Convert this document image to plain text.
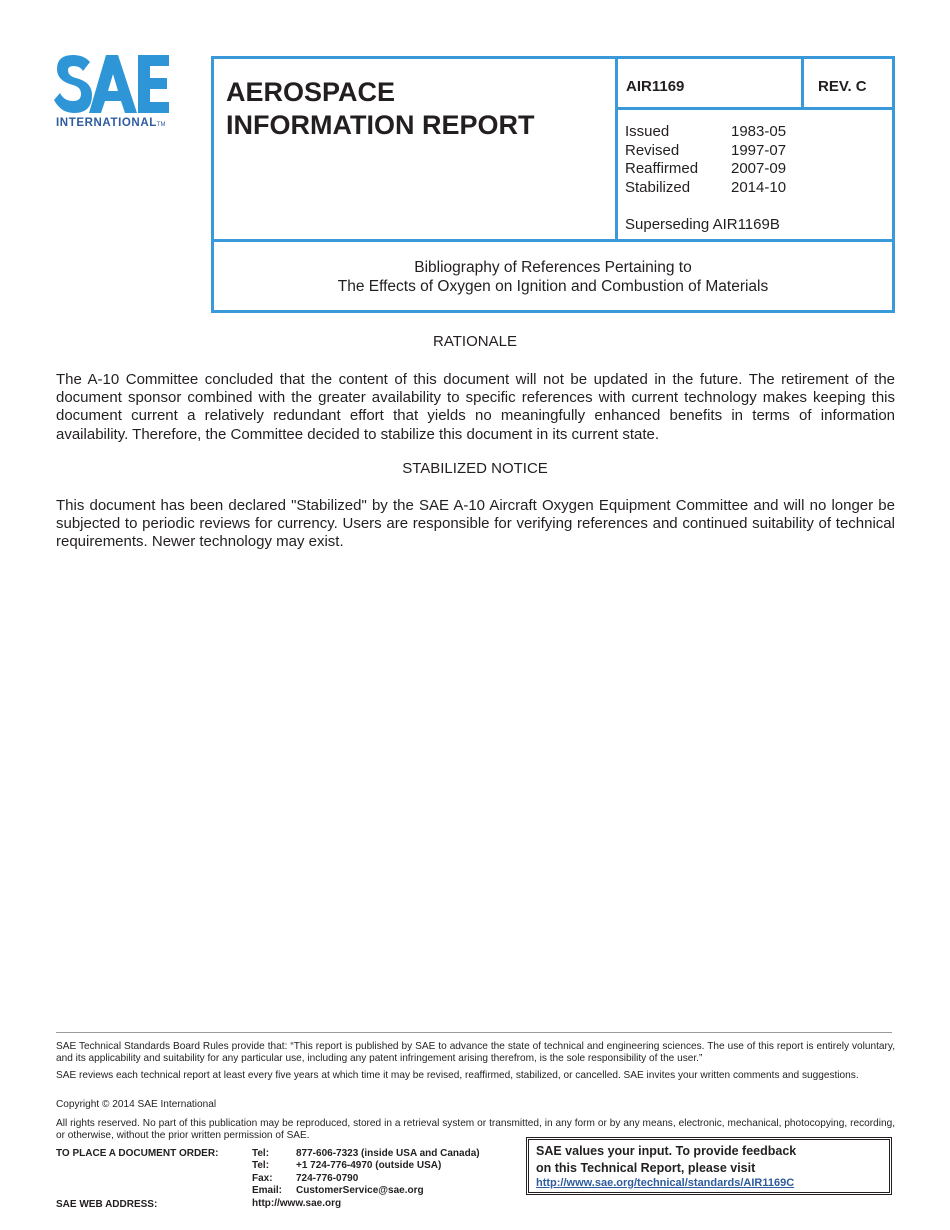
INTERNATIONALTM
AEROSPACE
INFORMATION REPORT
AIR1169	REV. C
Issued	1983-05
Revised	1997-07
Reaffirmed	2007-09
Stabilized	2014-10
Superseding AIR1169B
Bibliography of References Pertaining to
The Effects of Oxygen on Ignition and Combustion of Materials
RATIONALE
The A-10 Committee concluded that the content of this document will not be updated in the future. The retirement of the document sponsor combined with the greater availability to specific references with current technology makes keeping this document current a relatively redundant effort that yields no meaningfully enhanced benefits in terms of information availability. Therefore, the Committee decided to stabilize this document in its current state.
STABILIZED NOTICE
This document has been declared "Stabilized" by the SAE A-10 Aircraft Oxygen Equipment Committee and will no longer be subjected to periodic reviews for currency. Users are responsible for verifying references and continued suitability of technical requirements. Newer technology may exist.
SAE Technical Standards Board Rules provide that: “This report is published by SAE to advance the state of technical and engineering sciences. The use of this report is entirely voluntary, and its applicability and suitability for any particular use, including any patent infringement arising therefrom, is the sole responsibility of the user.”
SAE reviews each technical report at least every five years at which time it may be revised, reaffirmed, stabilized, or cancelled. SAE invites your written comments and suggestions.
Copyright © 2014 SAE International
All rights reserved. No part of this publication may be reproduced, stored in a retrieval system or transmitted, in any form or by any means, electronic, mechanical, photocopying, recording, or otherwise, without the prior written permission of SAE.
TO PLACE A DOCUMENT ORDER:
SAE WEB ADDRESS:
Tel:	877-606-7323 (inside USA and Canada)
Tel:	+1 724-776-4970 (outside USA)
Fax:	724-776-0790
Email:	CustomerService@sae.org
http://www.sae.org
SAE values your input. To provide feedback
on this Technical Report, please visit
http://www.sae.org/technical/standards/AIR1169C
